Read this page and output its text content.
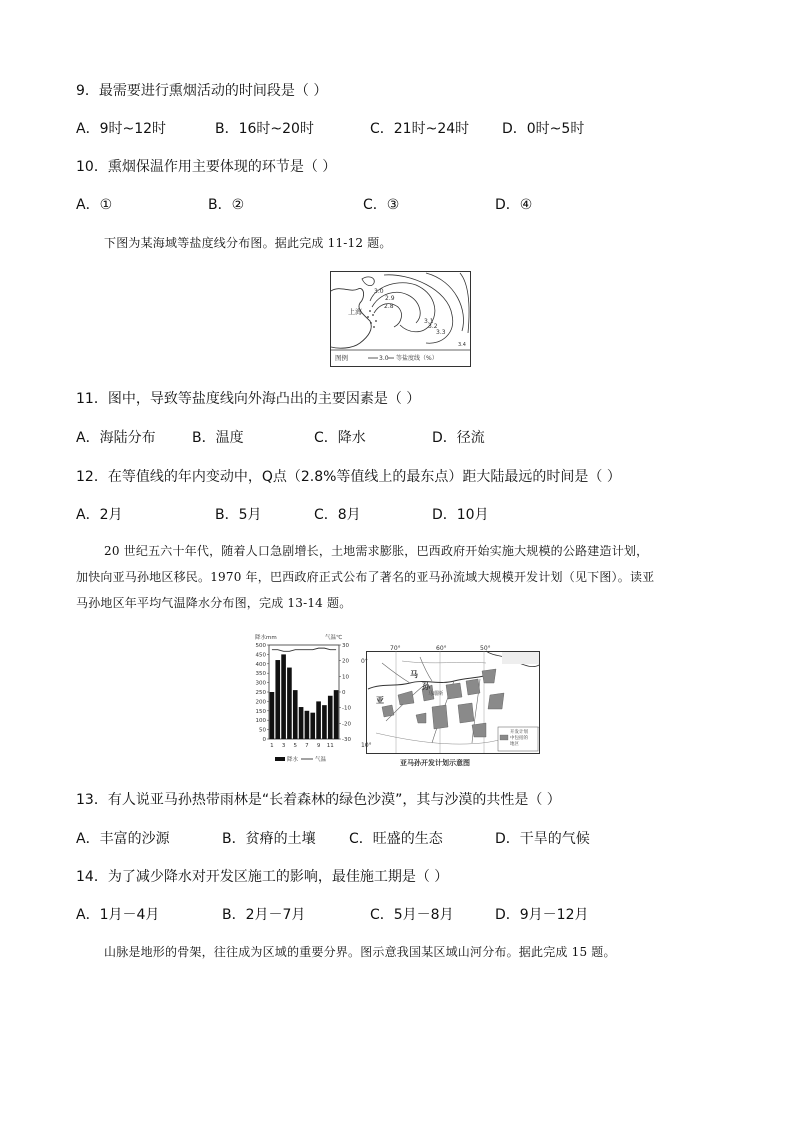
9．最需要进行熏烟活动的时间段是（ ）
A．9时~12时	B．16时~20时	C．21时~24时 D．0时~5时
10．熏烟保温作用主要体现的环节是（ ）
A．①	B．②	C．③	D．④
下图为某海域等盐度线分布图。据此完成 11-12 题。
上海
3.0
2.9
2.8
3.1
3.2
3.3
3.4
图例	3.0 等盐度线（%）
11．图中，导致等盐度线向外海凸出的主要因素是（ ）
A．海陆分布	B．温度	C．降水	D．径流
12．在等值线的年内变动中，Q点（2.8%等值线上的最东点）距大陆最远的时间是（ ）
A．2月	B．5月	C．8月	D．10月
20 世纪五六十年代，随着人口急剧增长，土地需求膨胀，巴西政府开始实施大规模的公路建造计划，
加快向亚马孙地区移民。1970 年，巴西政府正式公布了著名的亚马孙流域大规模开发计划（见下图）。读亚
马孙地区年平均气温降水分布图，完成 13-14 题。
500
450
400
350
300
250
200
150
100
50
0
30
20
10
0
-10
-20
-30
1 3 5 7 9 11
降水mm	气温℃
降水	气温
70°	60°	50°
0°
10°
亚
马
孙
马瑙斯
开发计划
中包括的
地区
亚马孙开发计划示意图
13．有人说亚马孙热带雨林是“长着森林的绿色沙漠”，其与沙漠的共性是（ ）
A．丰富的沙源	B．贫瘠的土壤 C．旺盛的生态	D．干旱的气候
14．为了减少降水对开发区施工的影响，最佳施工期是（ ）
A．1月－4月	B．2月－7月	C．5月－8月	D．9月－12月
山脉是地形的骨架，往往成为区域的重要分界。图示意我国某区域山河分布。据此完成 15 题。
